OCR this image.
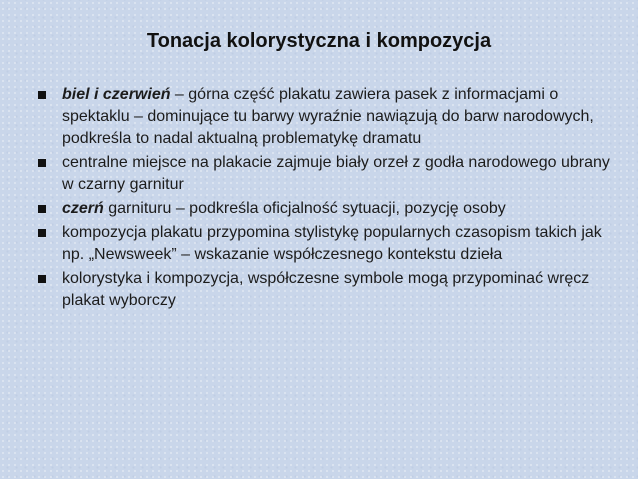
Tonacja kolorystyczna i kompozycja
biel i czerwień – górna część plakatu zawiera pasek z informacjami o spektaklu – dominujące tu barwy wyraźnie nawiązują do barw narodowych, podkreśla to nadal aktualną problematykę dramatu
centralne miejsce na plakacie zajmuje biały orzeł z godła narodowego ubrany w czarny garnitur
czerń garnituru – podkreśla oficjalność sytuacji, pozycję osoby
kompozycja plakatu przypomina stylistykę popularnych czasopism takich jak np. „Newsweek” – wskazanie współczesnego kontekstu dzieła
kolorystyka i kompozycja, współczesne symbole mogą przypominać wręcz plakat wyborczy
